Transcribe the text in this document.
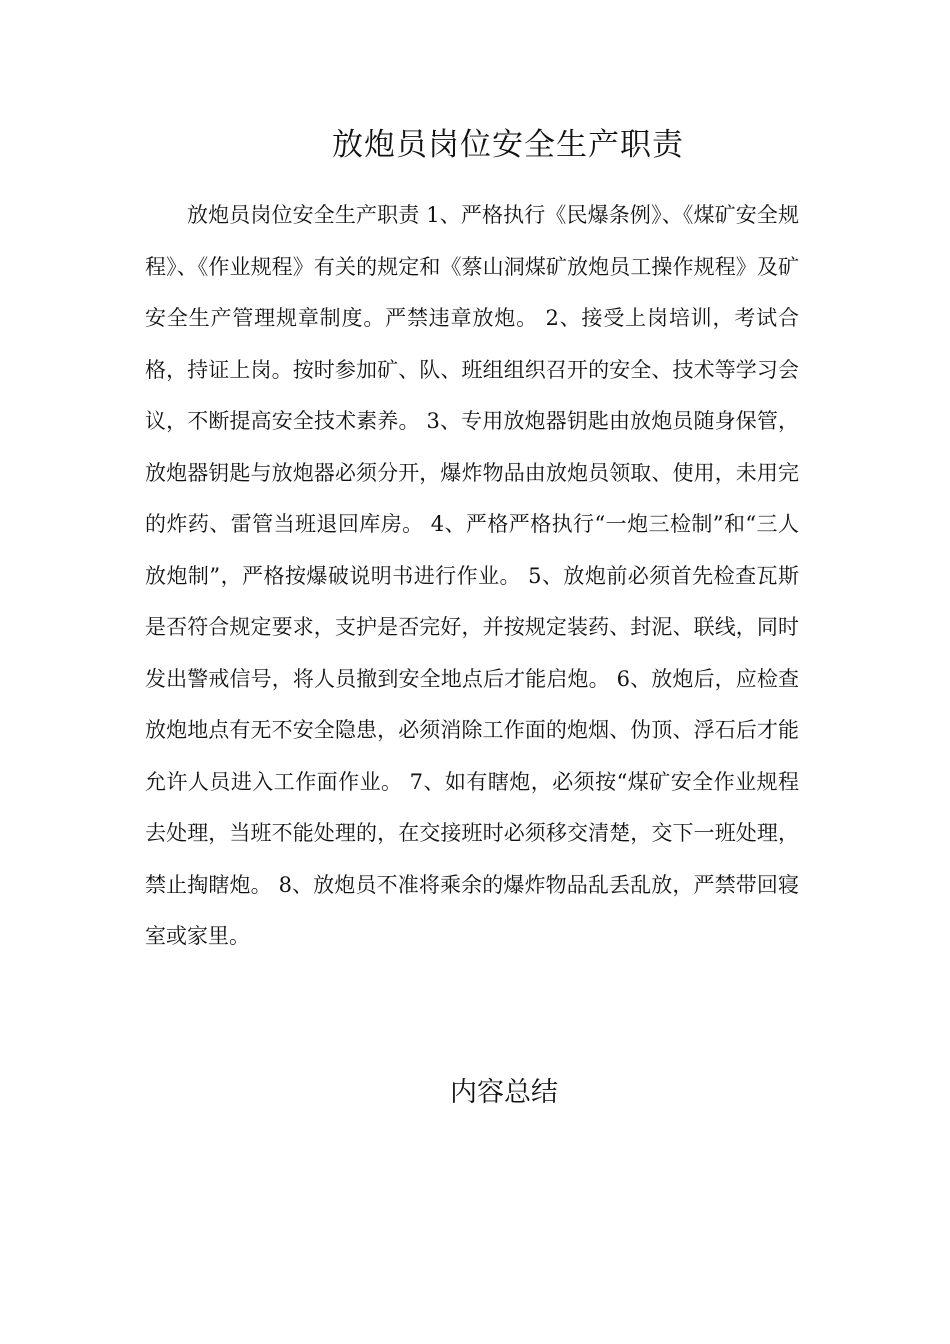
放炮员岗位安全生产职责

放炮员岗位安全生产职责 1、严格执行《民爆条例》、《煤矿安全规程》、《作业规程》有关的规定和《蔡山洞煤矿放炮员工操作规程》及矿安全生产管理规章制度。严禁违章放炮。 2、接受上岗培训，考试合格，持证上岗。按时参加矿、队、班组组织召开的安全、技术等学习会议，不断提高安全技术素养。 3、专用放炮器钥匙由放炮员随身保管，放炮器钥匙与放炮器必须分开，爆炸物品由放炮员领取、使用，未用完的炸药、雷管当班退回库房。 4、严格严格执行“一炮三检制”和“三人放炮制”，严格按爆破说明书进行作业。 5、放炮前必须首先检查瓦斯是否符合规定要求，支护是否完好，并按规定装药、封泥、联线，同时发出警戒信号，将人员撤到安全地点后才能启炮。 6、放炮后，应检查放炮地点有无不安全隐患，必须消除工作面的炮烟、伪顶、浮石后才能允许人员进入工作面作业。 7、如有瞎炮，必须按“煤矿安全作业规程去处理，当班不能处理的，在交接班时必须移交清楚，交下一班处理，禁止掏瞎炮。 8、放炮员不准将乘余的爆炸物品乱丢乱放，严禁带回寝室或家里。

内容总结
